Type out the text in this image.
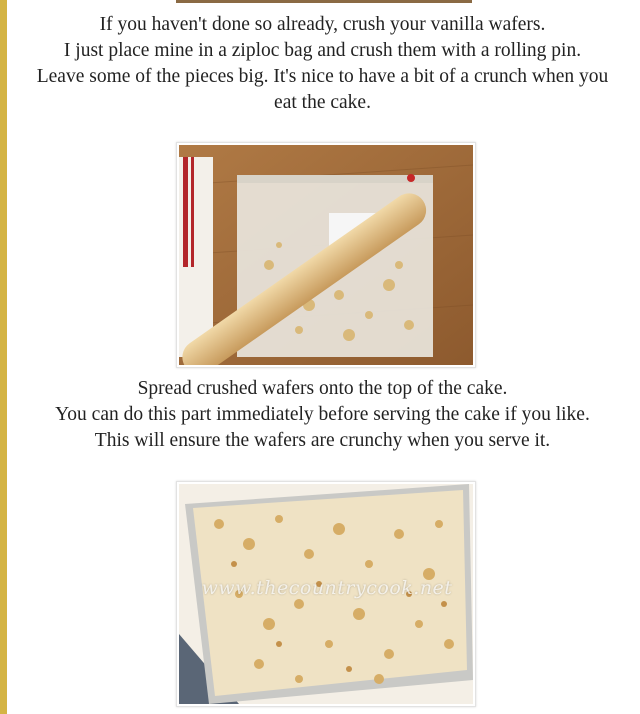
If you haven't done so already, crush your vanilla wafers.
I just place mine in a ziploc bag and crush them with a rolling pin.
Leave some of the pieces big. It's nice to have a bit of a crunch when you eat the cake.
Spread crushed wafers onto the top of the cake.
You can do this part immediately before serving the cake if you like.
This will ensure the wafers are crunchy when you serve it.
www.thecountrycook.net
